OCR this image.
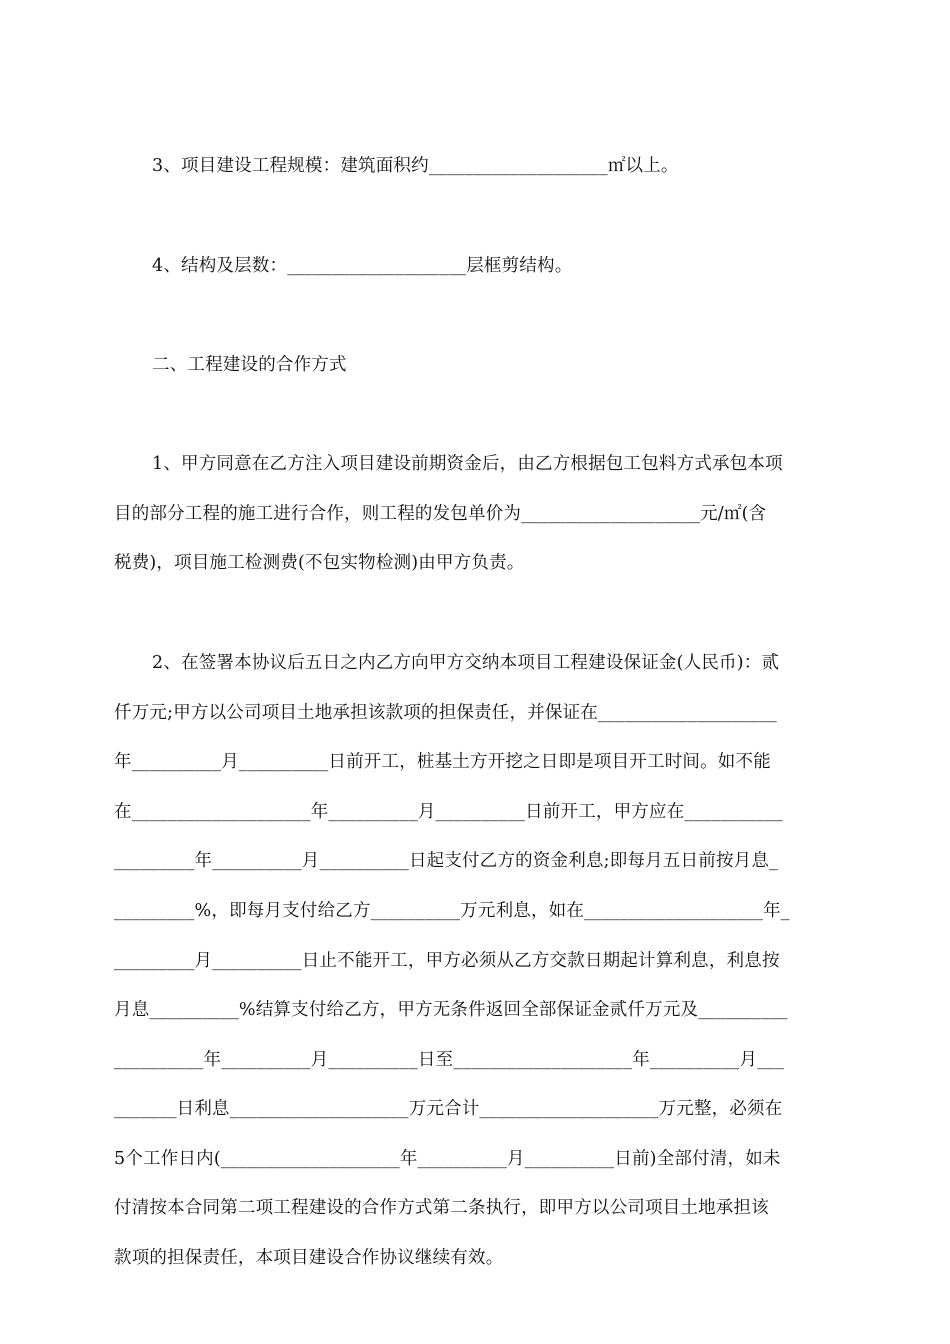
3、项目建设工程规模：建筑面积约____________________㎡以上。
4、结构及层数：____________________层框剪结构。
二、工程建设的合作方式
1、甲方同意在乙方注入项目建设前期资金后，由乙方根据包工包料方式承包本项
目的部分工程的施工进行合作，则工程的发包单价为____________________元/㎡(含
税费)，项目施工检测费(不包实物检测)由甲方负责。
2、在签署本协议后五日之内乙方向甲方交纳本项目工程建设保证金(人民币)：贰
仟万元;甲方以公司项目土地承担该款项的担保责任，并保证在____________________
年__________月__________日前开工，桩基土方开挖之日即是项目开工时间。如不能
在____________________年__________月__________日前开工，甲方应在___________
_________年__________月__________日起支付乙方的资金利息;即每月五日前按月息_
_________%，即每月支付给乙方__________万元利息，如在____________________年_
_________月__________日止不能开工，甲方必须从乙方交款日期起计算利息，利息按
月息__________%结算支付给乙方，甲方无条件返回全部保证金贰仟万元及__________
__________年__________月__________日至____________________年__________月___
_______日利息____________________万元合计____________________万元整，必须在
5个工作日内(____________________年__________月__________日前)全部付清，如未
付清按本合同第二项工程建设的合作方式第二条执行，即甲方以公司项目土地承担该
款项的担保责任，本项目建设合作协议继续有效。
